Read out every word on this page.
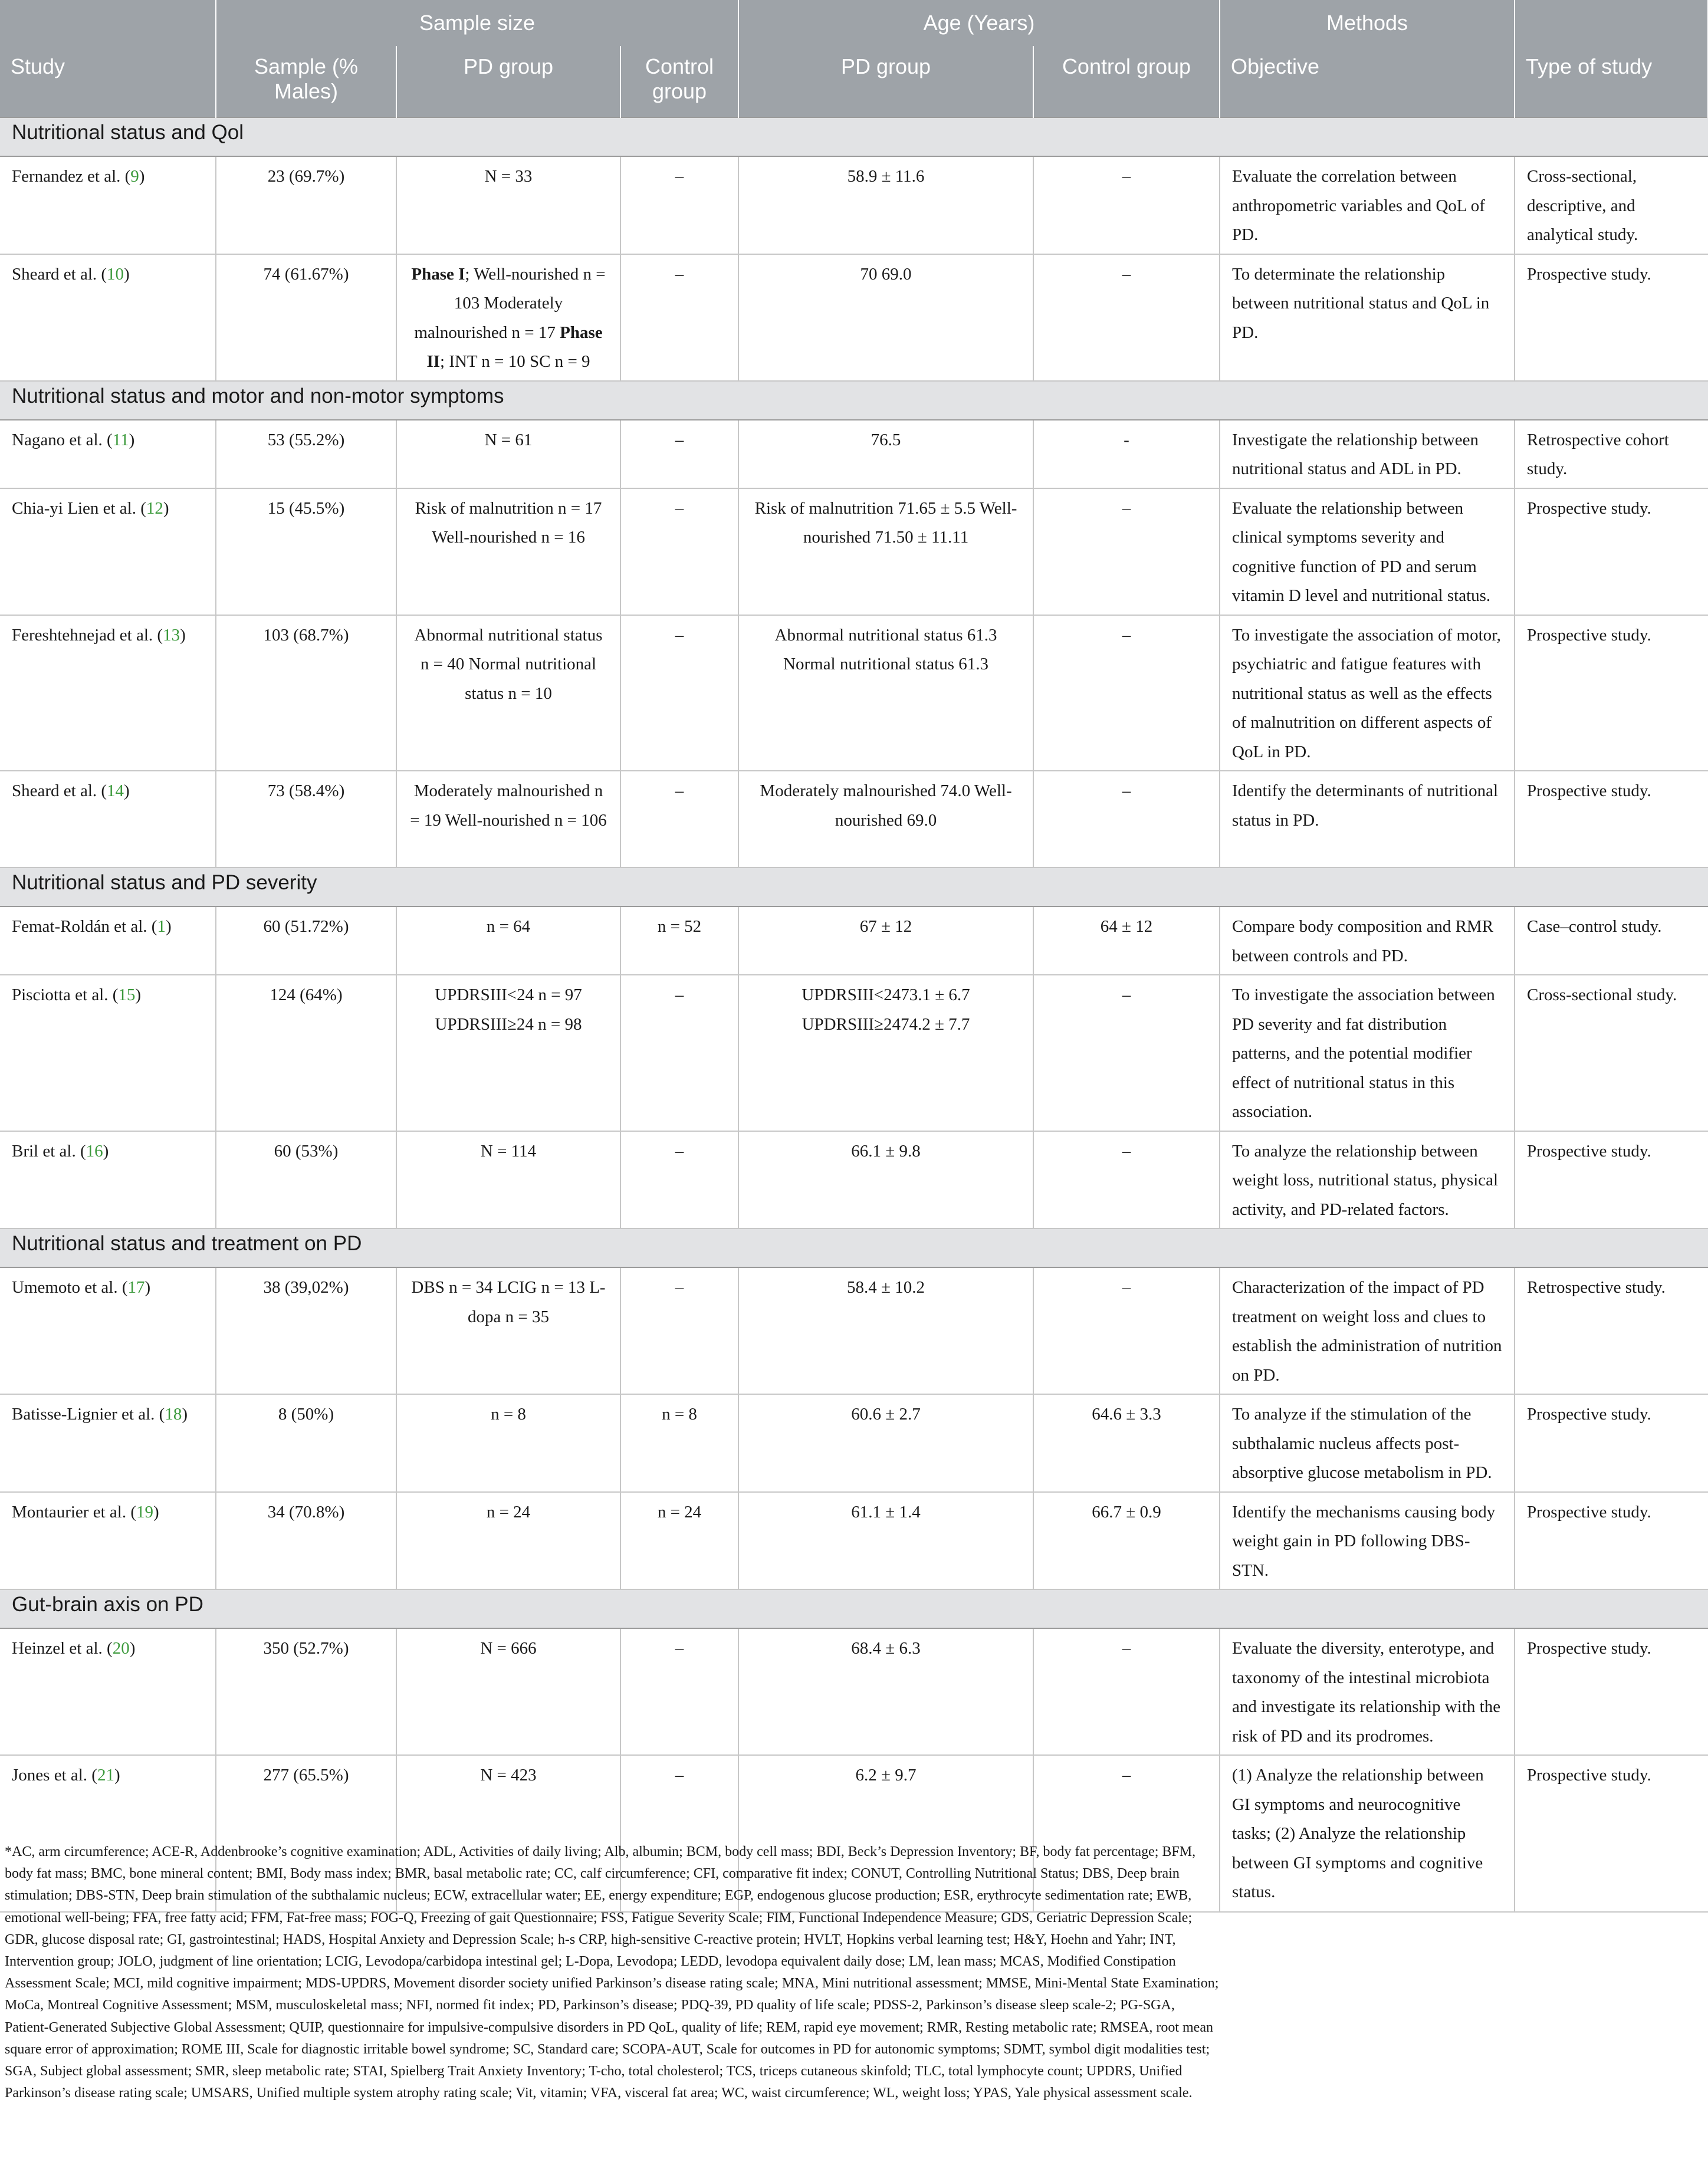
	Sample size			Age (Years)		Methods	
Study	Sample (% Males)	PD group	Control group	PD group	Control group	Objective	Type of study
Nutritional status and Qol							
Fernandez et al. (9)	23 (69.7%)	N = 33	–	58.9 ± 11.6	–	Evaluate the correlation between anthropometric variables and QoL of PD.	Cross-sectional, descriptive, and analytical study.
Sheard et al. (10)	74 (61.67%)	Phase I; Well-nourished n = 103 Moderately malnourished n = 17 Phase II; INT n = 10 SC n = 9	–	70 69.0	–	To determinate the relationship between nutritional status and QoL in PD.	Prospective study.
Nutritional status and motor and non-motor symptoms							
Nagano et al. (11)	53 (55.2%)	N = 61	–	76.5	-	Investigate the relationship between nutritional status and ADL in PD.	Retrospective cohort study.
Chia-yi Lien et al. (12)	15 (45.5%)	Risk of malnutrition n = 17 Well-nourished n = 16	–	Risk of malnutrition 71.65 ± 5.5 Well-nourished 71.50 ± 11.11	–	Evaluate the relationship between clinical symptoms severity and cognitive function of PD and serum vitamin D level and nutritional status.	Prospective study.
Fereshtehnejad et al. (13)	103 (68.7%)	Abnormal nutritional status n = 40 Normal nutritional status n = 10	–	Abnormal nutritional status 61.3 Normal nutritional status 61.3	–	To investigate the association of motor, psychiatric and fatigue features with nutritional status as well as the effects of malnutrition on different aspects of QoL in PD.	Prospective study.
Sheard et al. (14)	73 (58.4%)	Moderately malnourished n = 19 Well-nourished n = 106	–	Moderately malnourished 74.0 Well-nourished 69.0	–	Identify the determinants of nutritional status in PD.	Prospective study.
Nutritional status and PD severity							
Femat-Roldán et al. (1)	60 (51.72%)	n = 64	n = 52	67 ± 12	64 ± 12	Compare body composition and RMR between controls and PD.	Case–control study.
Pisciotta et al. (15)	124 (64%)	UPDRSIII<24 n = 97 UPDRSIII≥24 n = 98	–	UPDRSIII<2473.1 ± 6.7 UPDRSIII≥2474.2 ± 7.7	–	To investigate the association between PD severity and fat distribution patterns, and the potential modifier effect of nutritional status in this association.	Cross-sectional study.
Bril et al. (16)	60 (53%)	N = 114	–	66.1 ± 9.8	–	To analyze the relationship between weight loss, nutritional status, physical activity, and PD-related factors.	Prospective study.
Nutritional status and treatment on PD							
Umemoto et al. (17)	38 (39,02%)	DBS n = 34 LCIG n = 13 L-dopa n = 35	–	58.4 ± 10.2	–	Characterization of the impact of PD treatment on weight loss and clues to establish the administration of nutrition on PD.	Retrospective study.
Batisse-Lignier et al. (18)	8 (50%)	n = 8	n = 8	60.6 ± 2.7	64.6 ± 3.3	To analyze if the stimulation of the subthalamic nucleus affects post-absorptive glucose metabolism in PD.	Prospective study.
Montaurier et al. (19)	34 (70.8%)	n = 24	n = 24	61.1 ± 1.4	66.7 ± 0.9	Identify the mechanisms causing body weight gain in PD following DBS-STN.	Prospective study.
Gut-brain axis on PD							
Heinzel et al. (20)	350 (52.7%)	N = 666	–	68.4 ± 6.3	–	Evaluate the diversity, enterotype, and taxonomy of the intestinal microbiota and investigate its relationship with the risk of PD and its prodromes.	Prospective study.
Jones et al. (21)	277 (65.5%)	N = 423	–	6.2 ± 9.7	–	(1) Analyze the relationship between GI symptoms and neurocognitive tasks; (2) Analyze the relationship between GI symptoms and cognitive status.	Prospective study.

*AC, arm circumference; ACE-R, Addenbrooke’s cognitive examination; ADL, Activities of daily living; Alb, albumin; BCM, body cell mass; BDI, Beck’s Depression Inventory; BF, body fat percentage; BFM, body fat mass; BMC, bone mineral content; BMI, Body mass index; BMR, basal metabolic rate; CC, calf circumference; CFI, comparative fit index; CONUT, Controlling Nutritional Status; DBS, Deep brain stimulation; DBS-STN, Deep brain stimulation of the subthalamic nucleus; ECW, extracellular water; EE, energy expenditure; EGP, endogenous glucose production; ESR, erythrocyte sedimentation rate; EWB, emotional well-being; FFA, free fatty acid; FFM, Fat-free mass; FOG-Q, Freezing of gait Questionnaire; FSS, Fatigue Severity Scale; FIM, Functional Independence Measure; GDS, Geriatric Depression Scale; GDR, glucose disposal rate; GI, gastrointestinal; HADS, Hospital Anxiety and Depression Scale; h-s CRP, high-sensitive C-reactive protein; HVLT, Hopkins verbal learning test; H&Y, Hoehn and Yahr; INT, Intervention group; JOLO, judgment of line orientation; LCIG, Levodopa/carbidopa intestinal gel; L-Dopa, Levodopa; LEDD, levodopa equivalent daily dose; LM, lean mass; MCAS, Modified Constipation Assessment Scale; MCI, mild cognitive impairment; MDS-UPDRS, Movement disorder society unified Parkinson’s disease rating scale; MNA, Mini nutritional assessment; MMSE, Mini-Mental State Examination; MoCa, Montreal Cognitive Assessment; MSM, musculoskeletal mass; NFI, normed fit index; PD, Parkinson’s disease; PDQ-39, PD quality of life scale; PDSS-2, Parkinson’s disease sleep scale-2; PG-SGA, Patient-Generated Subjective Global Assessment; QUIP, questionnaire for impulsive-compulsive disorders in PD QoL, quality of life; REM, rapid eye movement; RMR, Resting metabolic rate; RMSEA, root mean square error of approximation; ROME III, Scale for diagnostic irritable bowel syndrome; SC, Standard care; SCOPA-AUT, Scale for outcomes in PD for autonomic symptoms; SDMT, symbol digit modalities test; SGA, Subject global assessment; SMR, sleep metabolic rate; STAI, Spielberg Trait Anxiety Inventory; T-cho, total cholesterol; TCS, triceps cutaneous skinfold; TLC, total lymphocyte count; UPDRS, Unified Parkinson’s disease rating scale; UMSARS, Unified multiple system atrophy rating scale; Vit, vitamin; VFA, visceral fat area; WC, waist circumference; WL, weight loss; YPAS, Yale physical assessment scale.
